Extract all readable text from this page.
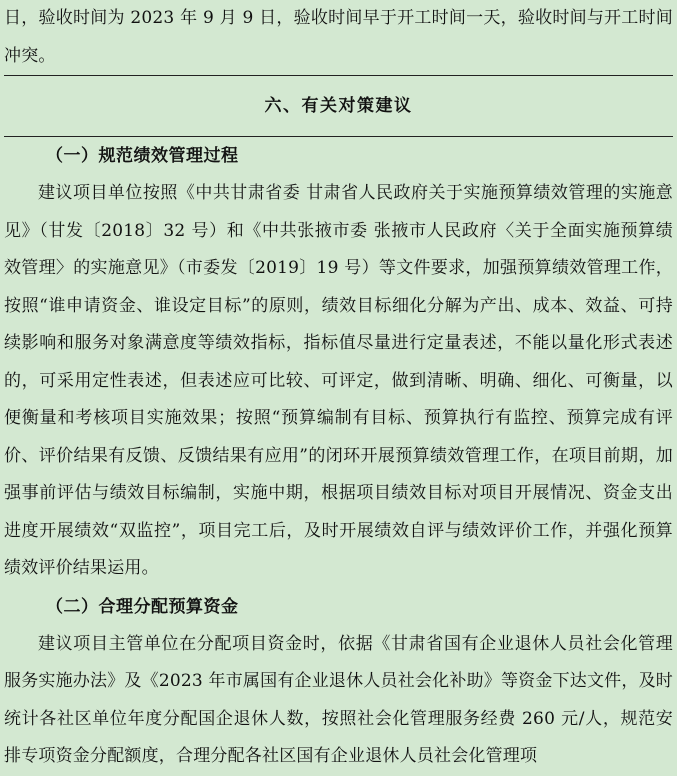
日，验收时间为 2023 年 9 月 9 日，验收时间早于开工时间一天，验收时间与开工时间冲突。

六、有关对策建议
（一）规范绩效管理过程

建议项目单位按照《中共甘肃省委 甘肃省人民政府关于实施预算绩效管理的实施意见》（甘发〔2018〕32 号）和《中共张掖市委 张掖市人民政府〈关于全面实施预算绩效管理〉的实施意见》（市委发〔2019〕19 号）等文件要求，加强预算绩效管理工作，按照“谁申请资金、谁设定目标”的原则，绩效目标细化分解为产出、成本、效益、可持续影响和服务对象满意度等绩效指标，指标值尽量进行定量表述，不能以量化形式表述的，可采用定性表述，但表述应可比较、可评定，做到清晰、明确、细化、可衡量，以便衡量和考核项目实施效果；按照“预算编制有目标、预算执行有监控、预算完成有评价、评价结果有反馈、反馈结果有应用”的闭环开展预算绩效管理工作，在项目前期，加强事前评估与绩效目标编制，实施中期，根据项目绩效目标对项目开展情况、资金支出进度开展绩效“双监控”，项目完工后，及时开展绩效自评与绩效评价工作，并强化预算绩效评价结果运用。

（二）合理分配预算资金

建议项目主管单位在分配项目资金时，依据《甘肃省国有企业退休人员社会化管理服务实施办法》及《2023 年市属国有企业退休人员社会化补助》等资金下达文件，及时统计各社区单位年度分配国企退休人数，按照社会化管理服务经费 260 元/人，规范安排专项资金分配额度，合理分配各社区国有企业退休人员社会化管理项
